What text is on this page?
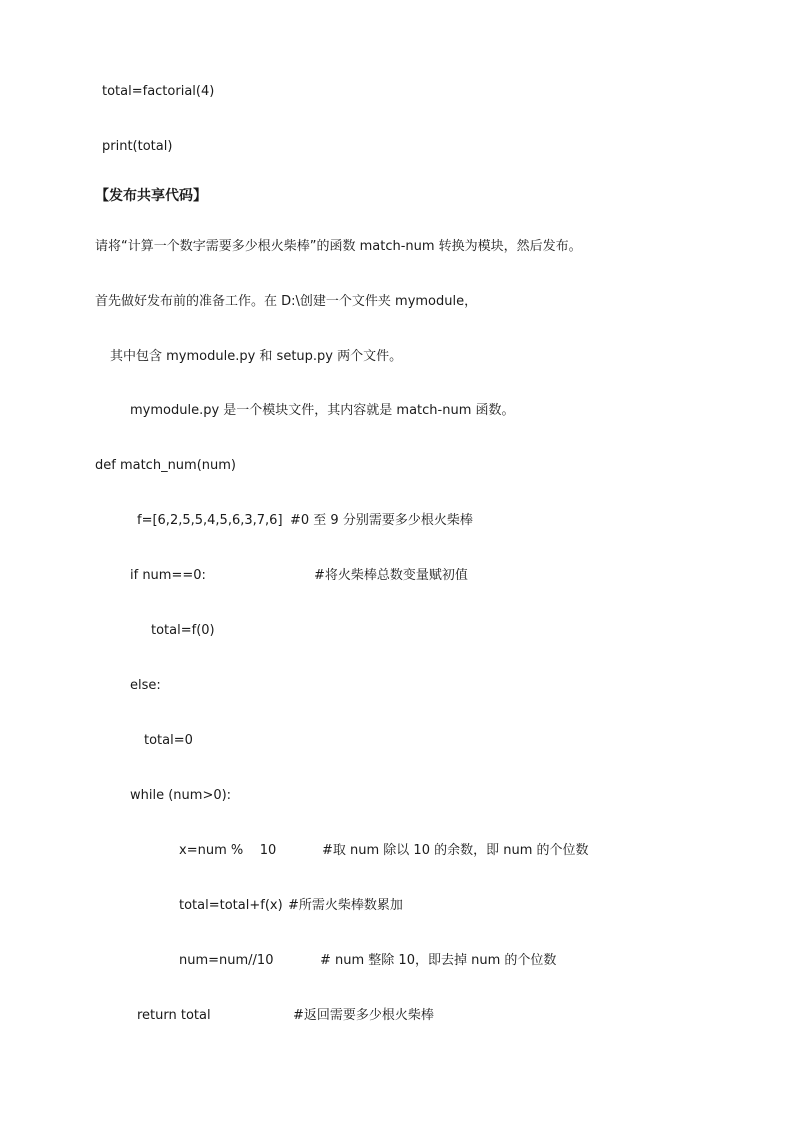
total=factorial(4)
print(total)
【发布共享代码】
请将“计算一个数字需要多少根火柴棒”的函数 match-num 转换为模块，然后发布。
首先做好发布前的准备工作。在 D:\创建一个文件夹 mymodule，
其中包含 mymodule.py 和 setup.py 两个文件。
mymodule.py 是一个模块文件，其内容就是 match-num 函数。
def match_num(num)
f=[6,2,5,5,4,5,6,3,7,6] #0 至 9 分别需要多少根火柴棒
if num==0:	#将火柴棒总数变量赋初值
total=f(0)
else:
total=0
while (num>0):
x=num %    10	#取 num 除以 10 的余数，即 num 的个位数
total=total+f(x) #所需火柴棒数累加
num=num//10	# num 整除 10，即去掉 num 的个位数
return total	#返回需要多少根火柴棒
